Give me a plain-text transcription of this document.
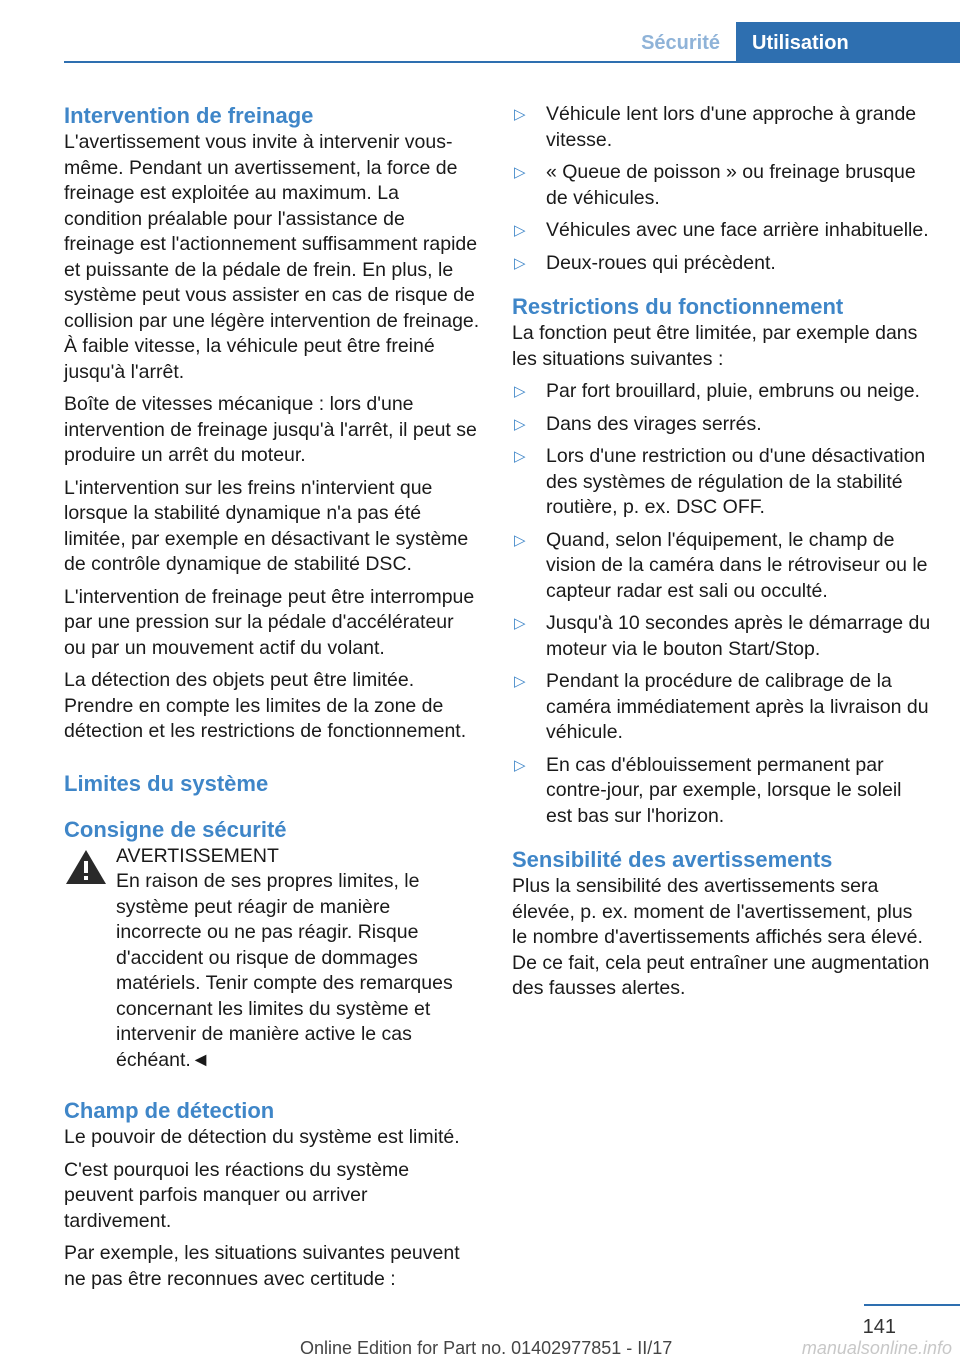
Sécurité	Utilisation
Intervention de freinage

L'avertissement vous invite à intervenir vous-même. Pendant un avertissement, la force de freinage est exploitée au maximum. La condition préalable pour l'assistance de freinage est l'actionnement suffisamment rapide et puissante de la pédale de frein. En plus, le système peut vous assister en cas de risque de collision par une légère intervention de freinage. À faible vitesse, la véhicule peut être freiné jusqu'à l'arrêt.

Boîte de vitesses mécanique : lors d'une intervention de freinage jusqu'à l'arrêt, il peut se produire un arrêt du moteur.

L'intervention sur les freins n'intervient que lorsque la stabilité dynamique n'a pas été limitée, par exemple en désactivant le système de contrôle dynamique de stabilité DSC.

L'intervention de freinage peut être interrompue par une pression sur la pédale d'accélérateur ou par un mouvement actif du volant.

La détection des objets peut être limitée. Prendre en compte les limites de la zone de détection et les restrictions de fonctionnement.

Limites du système
Consigne de sécurité
AVERTISSEMENT

En raison de ses propres limites, le système peut réagir de manière incorrecte ou ne pas réagir. Risque d'accident ou risque de dommages matériels. Tenir compte des remarques concernant les limites du système et intervenir de manière active le cas échéant.◄

Champ de détection

Le pouvoir de détection du système est limité.

C'est pourquoi les réactions du système peuvent parfois manquer ou arriver tardivement.

Par exemple, les situations suivantes peuvent ne pas être reconnues avec certitude :

▷ Véhicule lent lors d'une approche à grande vitesse.
▷ « Queue de poisson » ou freinage brusque de véhicules.
▷ Véhicules avec une face arrière inhabituelle.
▷ Deux-roues qui précèdent.
Restrictions du fonctionnement

La fonction peut être limitée, par exemple dans les situations suivantes :

▷ Par fort brouillard, pluie, embruns ou neige.
▷ Dans des virages serrés.
▷ Lors d'une restriction ou d'une désactivation des systèmes de régulation de la stabilité routière, p. ex. DSC OFF.
▷ Quand, selon l'équipement, le champ de vision de la caméra dans le rétroviseur ou le capteur radar est sali ou occulté.
▷ Jusqu'à 10 secondes après le démarrage du moteur via le bouton Start/Stop.
▷ Pendant la procédure de calibrage de la caméra immédiatement après la livraison du véhicule.
▷ En cas d'éblouissement permanent par contre-jour, par exemple, lorsque le soleil est bas sur l'horizon.
Sensibilité des avertissements

Plus la sensibilité des avertissements sera élevée, p. ex. moment de l'avertissement, plus le nombre d'avertissements affichés sera élevé. De ce fait, cela peut entraîner une augmentation des fausses alertes.

141
Online Edition for Part no. 01402977851 - II/17	manualsonline.info
